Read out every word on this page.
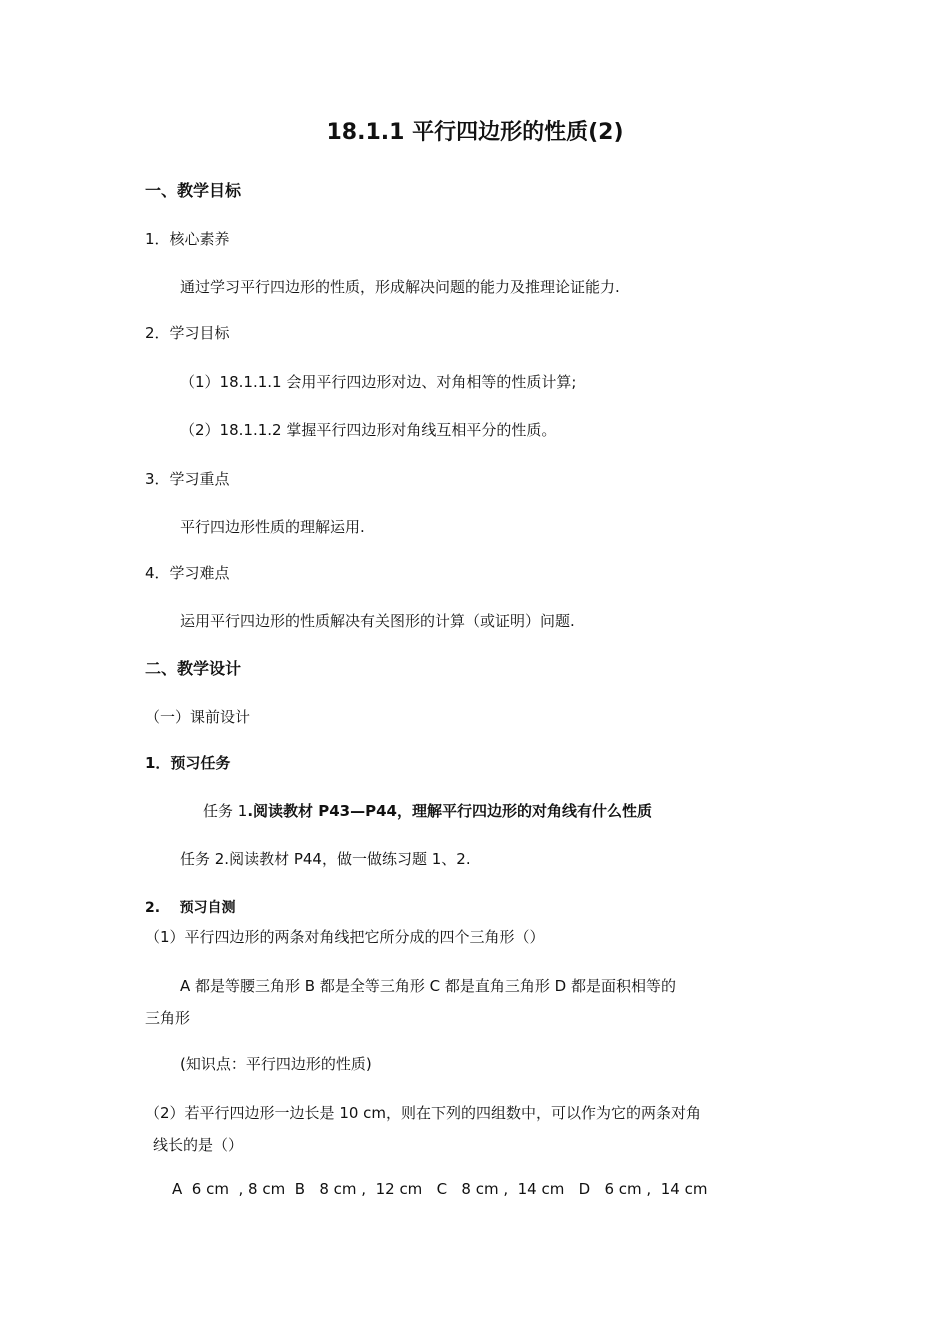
18.1.1 平行四边形的性质(2)
一、教学目标
1．核心素养
通过学习平行四边形的性质，形成解决问题的能力及推理论证能力.
2．学习目标
（1）18.1.1.1 会用平行四边形对边、对角相等的性质计算;
（2）18.1.1.2 掌握平行四边形对角线互相平分的性质。
3．学习重点
平行四边形性质的理解运用.
4．学习难点
运用平行四边形的性质解决有关图形的计算（或证明）问题.
二、教学设计
（一）课前设计
1．预习任务
任务 1.阅读教材 P43—P44，理解平行四边形的对角线有什么性质
任务 2.阅读教材 P44，做一做练习题 1、2.
2. 预习自测
（1）平行四边形的两条对角线把它所分成的四个三角形（）
A 都是等腰三角形 B 都是全等三角形 C 都是直角三角形 D 都是面积相等的
三角形
(知识点：平行四边形的性质)
（2）若平行四边形一边长是 10 cm，则在下列的四组数中，可以作为它的两条对角
线长的是（）
A  6 cm  , 8 cm  B   8 cm ,  12 cm   C   8 cm ,  14 cm   D   6 cm ,  14 cm
